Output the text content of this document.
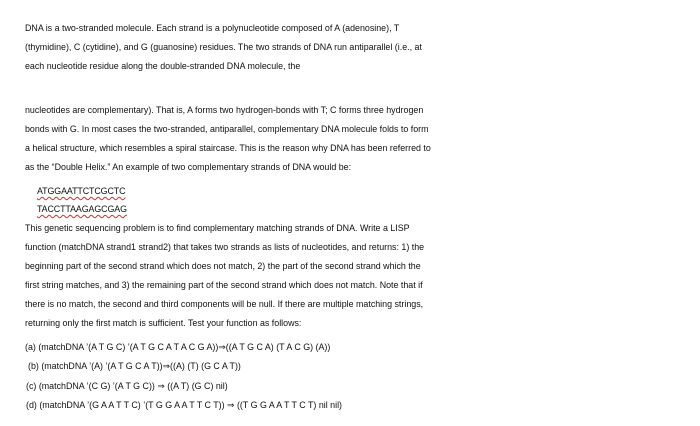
DNA is a two-stranded molecule. Each strand is a polynucleotide composed of A (adenosine), T
(thymidine), C (cytidine), and G (guanosine) residues. The two strands of DNA run antiparallel (i.e., at
each nucleotide residue along the double-stranded DNA molecule, the
nucleotides are complementary). That is, A forms two hydrogen-bonds with T; C forms three hydrogen
bonds with G. In most cases the two-stranded, antiparallel, complementary DNA molecule folds to form
a helical structure, which resembles a spiral staircase. This is the reason why DNA has been referred to
as the “Double Helix.” An example of two complementary strands of DNA would be:
ATGGAATTCTCGCTC
TACCTTAAGAGCGAG
This genetic sequencing problem is to find complementary matching strands of DNA. Write a LISP
function (matchDNA strand1 strand2) that takes two strands as lists of nucleotides, and returns: 1) the
beginning part of the second strand which does not match, 2) the part of the second strand which the
first string matches, and 3) the remaining part of the second strand which does not match. Note that if
there is no match, the second and third components will be null. If there are multiple matching strings,
returning only the first match is sufficient. Test your function as follows:
(a) (matchDNA ’(A T G C) ’(A T G C A T A C G A))⇒((A T G C A) (T A C G) (A))
(b) (matchDNA ’(A) ’(A T G C A T))⇒((A) (T) (G C A T))
(c) (matchDNA ’(C G) ’(A T G C)) ⇒ ((A T) (G C) nil)
(d) (matchDNA ’(G A A T T C) ’(T G G A A T T C T)) ⇒ ((T G G A A T T C T) nil nil)
